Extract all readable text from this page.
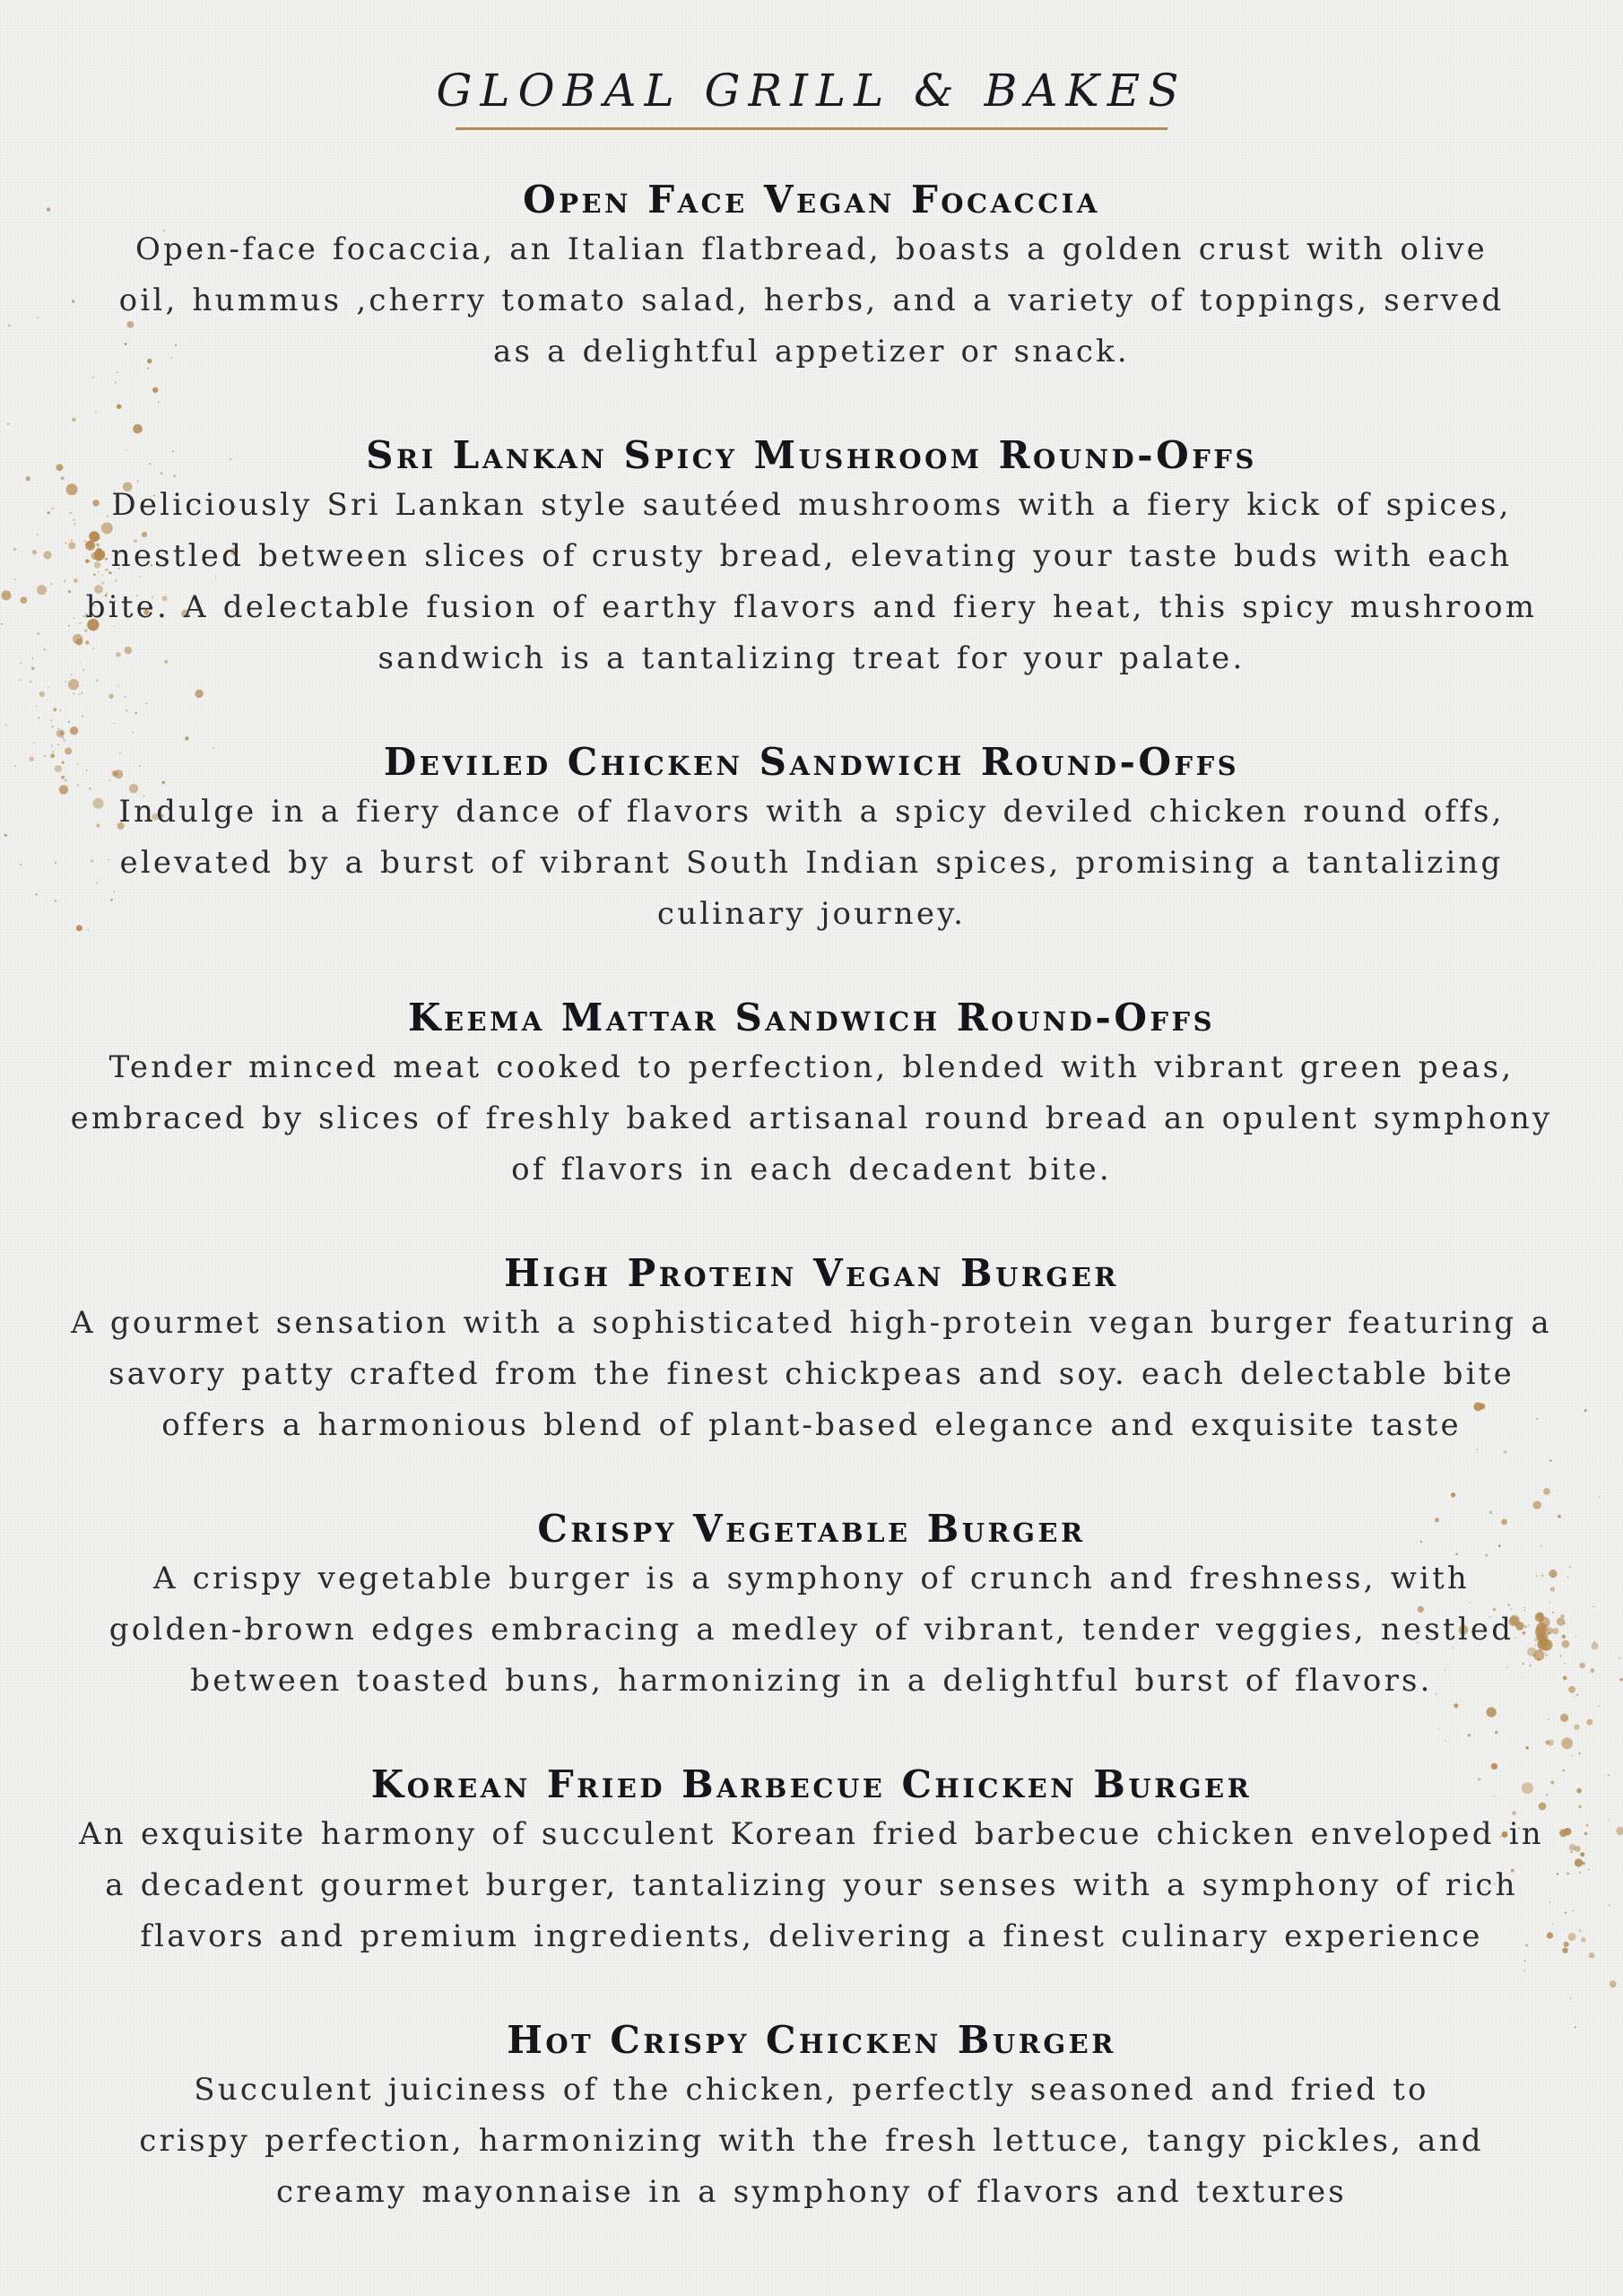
GLOBAL GRILL & BAKES
Open Face Vegan Focaccia

Open-face focaccia, an Italian flatbread, boasts a golden crust with olive oil, hummus ,cherry tomato salad, herbs, and a variety of toppings, served as a delightful appetizer or snack.

Sri Lankan Spicy Mushroom Round-Offs

Deliciously Sri Lankan style sautéed mushrooms with a fiery kick of spices, nestled between slices of crusty bread, elevating your taste buds with each bite. A delectable fusion of earthy flavors and fiery heat, this spicy mushroom sandwich is a tantalizing treat for your palate.

Deviled Chicken Sandwich Round-Offs

Indulge in a fiery dance of flavors with a spicy deviled chicken round offs, elevated by a burst of vibrant South Indian spices, promising a tantalizing culinary journey.

Keema Mattar Sandwich Round-Offs

Tender minced meat cooked to perfection, blended with vibrant green peas, embraced by slices of freshly baked artisanal round bread an opulent symphony of flavors in each decadent bite.

High Protein Vegan Burger

A gourmet sensation with a sophisticated high-protein vegan burger featuring a savory patty crafted from the finest chickpeas and soy. each delectable bite offers a harmonious blend of plant-based elegance and exquisite taste

Crispy Vegetable Burger

A crispy vegetable burger is a symphony of crunch and freshness, with golden-brown edges embracing a medley of vibrant, tender veggies, nestled between toasted buns, harmonizing in a delightful burst of flavors.

Korean Fried Barbecue Chicken Burger

An exquisite harmony of succulent Korean fried barbecue chicken enveloped in a decadent gourmet burger, tantalizing your senses with a symphony of rich flavors and premium ingredients, delivering a finest culinary experience

Hot Crispy Chicken Burger

Succulent juiciness of the chicken, perfectly seasoned and fried to crispy perfection, harmonizing with the fresh lettuce, tangy pickles, and creamy mayonnaise in a symphony of flavors and textures
